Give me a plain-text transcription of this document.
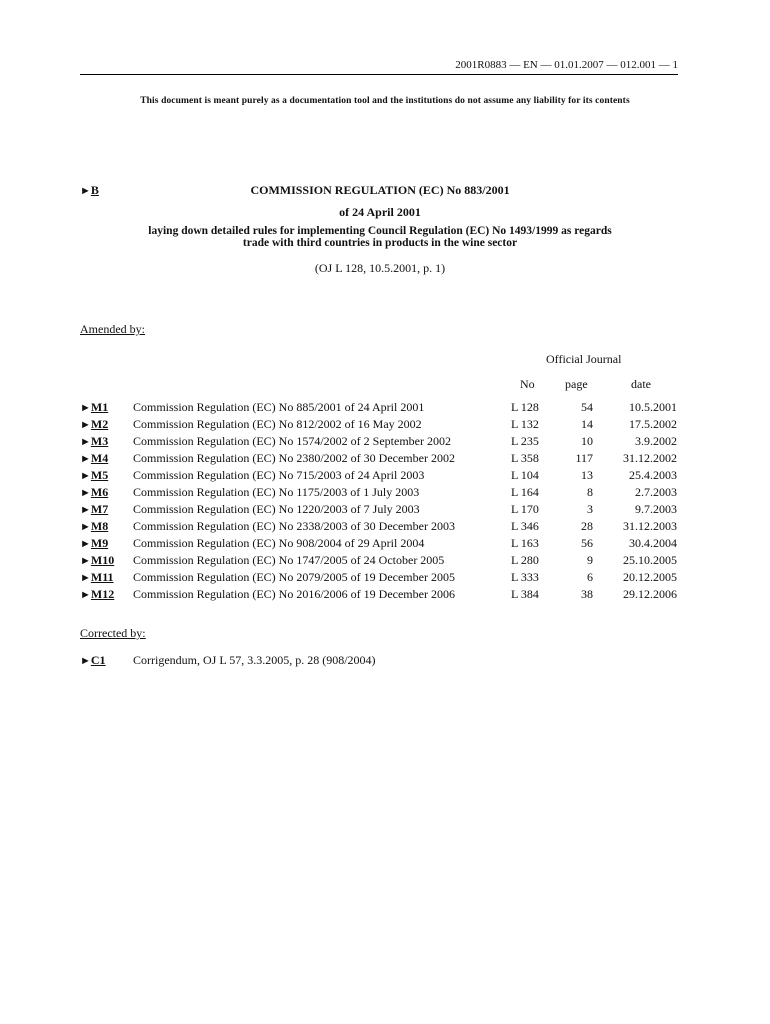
2001R0883 — EN — 01.01.2007 — 012.001 — 1
This document is meant purely as a documentation tool and the institutions do not assume any liability for its contents
►B	COMMISSION REGULATION (EC) No 883/2001
of 24 April 2001
laying down detailed rules for implementing Council Regulation (EC) No 1493/1999 as regards
trade with third countries in products in the wine sector
(OJ L 128, 10.5.2001, p. 1)
Amended by:
Official Journal
No	page	date
►M1 Commission Regulation (EC) No 885/2001 of 24 April 2001	L 128	54	10.5.2001
►M2 Commission Regulation (EC) No 812/2002 of 16 May 2002	L 132	14	17.5.2002
►M3 Commission Regulation (EC) No 1574/2002 of 2 September 2002	L 235	10	3.9.2002
►M4 Commission Regulation (EC) No 2380/2002 of 30 December 2002	L 358	117	31.12.2002
►M5 Commission Regulation (EC) No 715/2003 of 24 April 2003	L 104	13	25.4.2003
►M6 Commission Regulation (EC) No 1175/2003 of 1 July 2003	L 164	8	2.7.2003
►M7 Commission Regulation (EC) No 1220/2003 of 7 July 2003	L 170	3	9.7.2003
►M8 Commission Regulation (EC) No 2338/2003 of 30 December 2003	L 346	28	31.12.2003
►M9 Commission Regulation (EC) No 908/2004 of 29 April 2004	L 163	56	30.4.2004
►M10 Commission Regulation (EC) No 1747/2005 of 24 October 2005	L 280	9	25.10.2005
►M11 Commission Regulation (EC) No 2079/2005 of 19 December 2005	L 333	6	20.12.2005
►M12 Commission Regulation (EC) No 2016/2006 of 19 December 2006	L 384	38	29.12.2006
Corrected by:
►C1 Corrigendum, OJ L 57, 3.3.2005, p. 28 (908/2004)
